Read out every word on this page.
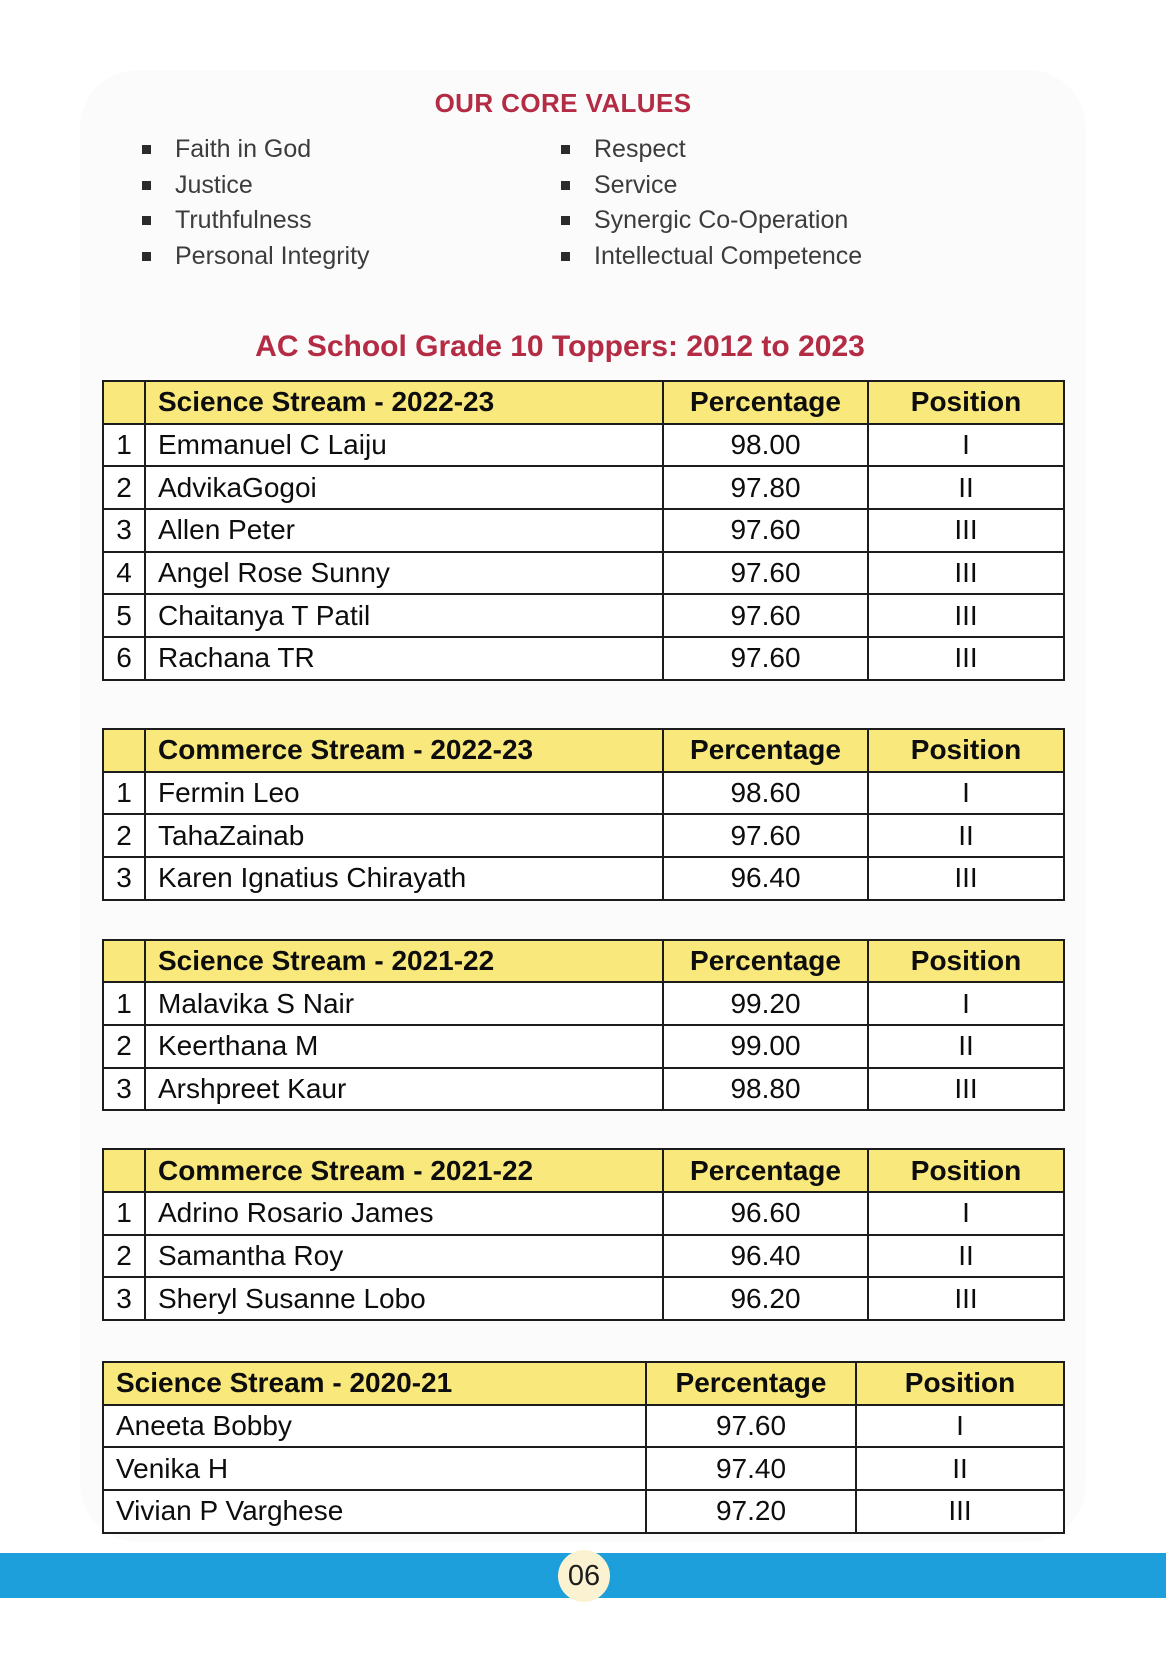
OUR CORE VALUES
Faith in God
Justice
Truthfulness
Personal Integrity
Respect
Service
Synergic Co-Operation
Intellectual Competence
AC School Grade 10 Toppers: 2012 to 2023
	Science Stream - 2022-23	Percentage	Position
1	Emmanuel C Laiju	98.00	I
2	AdvikaGogoi	97.80	II
3	Allen Peter	97.60	III
4	Angel Rose Sunny	97.60	III
5	Chaitanya T Patil	97.60	III
6	Rachana TR	97.60	III
	Commerce Stream - 2022-23	Percentage	Position
1	Fermin Leo	98.60	I
2	TahaZainab	97.60	II
3	Karen Ignatius Chirayath	96.40	III
	Science Stream - 2021-22	Percentage	Position
1	Malavika S Nair	99.20	I
2	Keerthana M	99.00	II
3	Arshpreet Kaur	98.80	III
	Commerce Stream - 2021-22	Percentage	Position
1	Adrino Rosario James	96.60	I
2	Samantha Roy	96.40	II
3	Sheryl Susanne Lobo	96.20	III
Science Stream - 2020-21	Percentage	Position
Aneeta Bobby	97.60	I
Venika H	97.40	II
Vivian P Varghese	97.20	III
06
